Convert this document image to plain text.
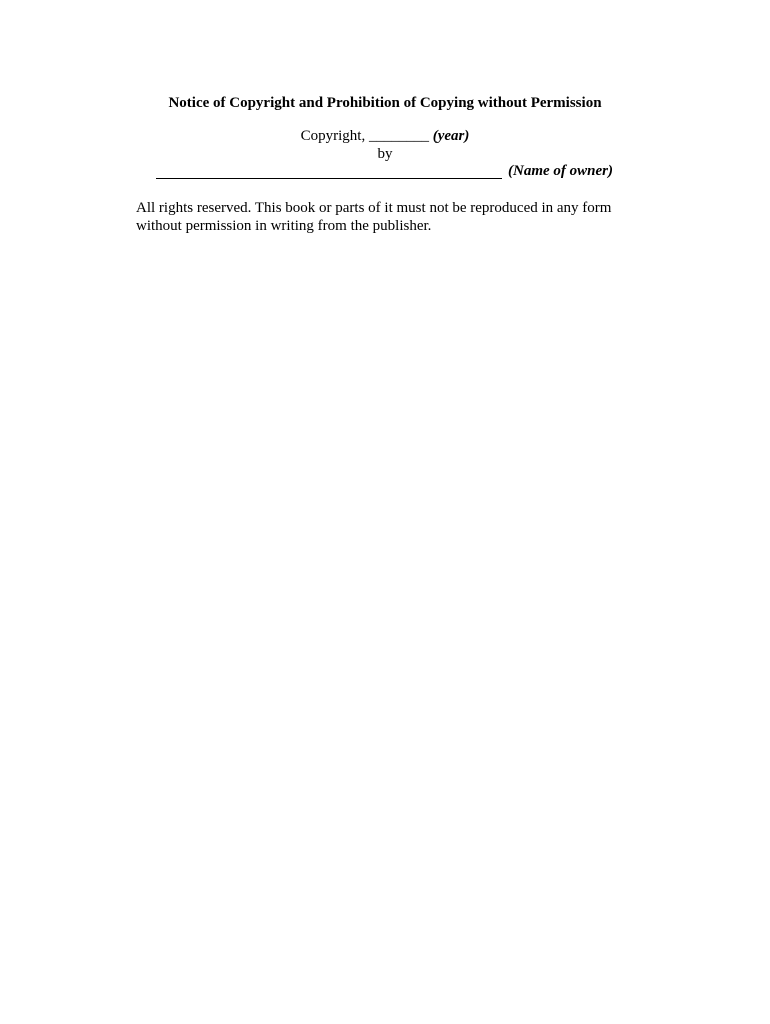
Notice of Copyright and Prohibition of Copying without Permission
Copyright, ________ (year)
by
(Name of owner)
All rights reserved. This book or parts of it must not be reproduced in any form
without permission in writing from the publisher.
